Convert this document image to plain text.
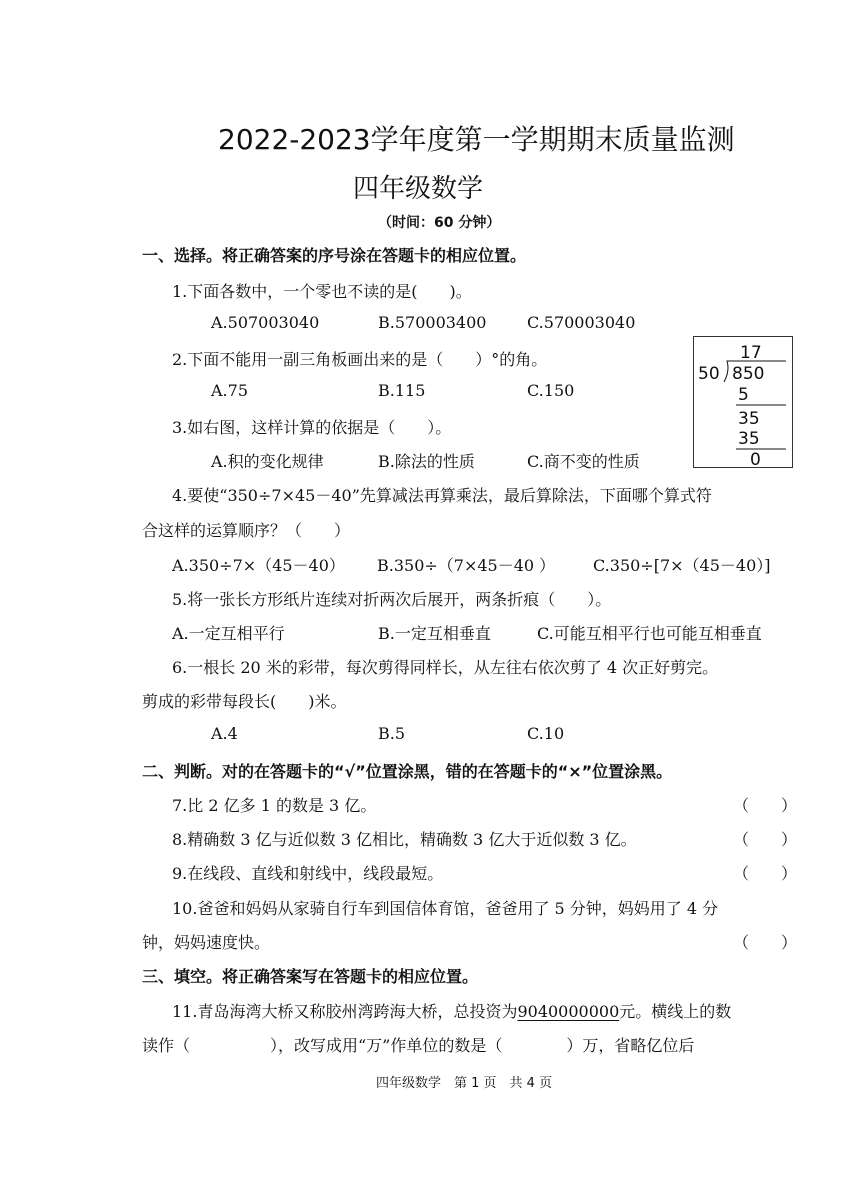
2022-2023学年度第一学期期末质量监测
四年级数学
（时间：60 分钟）
一、选择。将正确答案的序号涂在答题卡的相应位置。
1.下面各数中，一个零也不读的是(　　)。
A.507003040	B.570003400	C.570003040
2.下面不能用一副三角板画出来的是（　　）°的角。
A.75	B.115	C.150
3.如右图，这样计算的依据是（　　）。
A.积的变化规律	B.除法的性质	C.商不变的性质
17
50 850
5
35
35
0
4.要使“350÷7×45－40”先算减法再算乘法，最后算除法，下面哪个算式符
合这样的运算顺序？（　　）
A.350÷7×（45－40） B.350÷（7×45－40 ） C.350÷[7×（45－40）]
5.将一张长方形纸片连续对折两次后展开，两条折痕（　　）。
A.一定互相平行	B.一定互相垂直	C.可能互相平行也可能互相垂直
6.一根长 20 米的彩带，每次剪得同样长，从左往右依次剪了 4 次正好剪完。
剪成的彩带每段长(　　)米。
A.4	B.5	C.10
二、判断。对的在答题卡的“√”位置涂黑，错的在答题卡的“×”位置涂黑。
7.比 2 亿多 1 的数是 3 亿。	（　　）
8.精确数 3 亿与近似数 3 亿相比，精确数 3 亿大于近似数 3 亿。	（　　）
9.在线段、直线和射线中，线段最短。	（　　）
10.爸爸和妈妈从家骑自行车到国信体育馆，爸爸用了 5 分钟，妈妈用了 4 分
钟，妈妈速度快。	（　　）
三、填空。将正确答案写在答题卡的相应位置。
11.青岛海湾大桥又称胶州湾跨海大桥，总投资为9040000000元。横线上的数
读作（　　　　　），改写成用“万”作单位的数是（　　　　）万，省略亿位后
四年级数学　第 1 页　共 4 页
